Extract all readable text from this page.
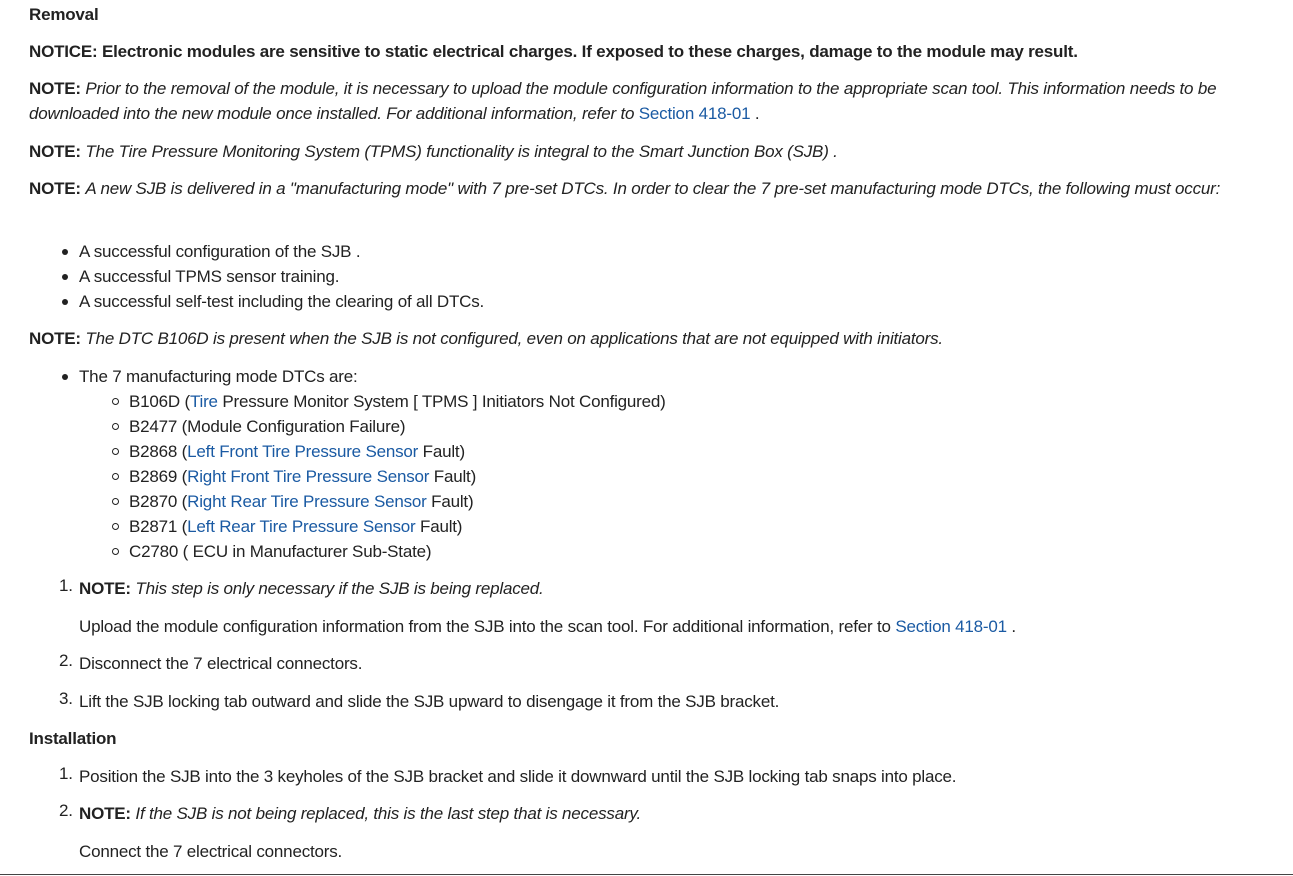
Removal

NOTICE: Electronic modules are sensitive to static electrical charges. If exposed to these charges, damage to the module may result.

NOTE: Prior to the removal of the module, it is necessary to upload the module configuration information to the appropriate scan tool. This information needs to be downloaded into the new module once installed. For additional information, refer to Section 418-01 .

NOTE: The Tire Pressure Monitoring System (TPMS) functionality is integral to the Smart Junction Box (SJB) .

NOTE: A new SJB is delivered in a "manufacturing mode" with 7 pre-set DTCs. In order to clear the 7 pre-set manufacturing mode DTCs, the following must occur:

A successful configuration of the SJB .
A successful TPMS sensor training.
A successful self-test including the clearing of all DTCs.

NOTE: The DTC B106D is present when the SJB is not configured, even on applications that are not equipped with initiators.

The 7 manufacturing mode DTCs are:
B106D (Tire Pressure Monitor System [ TPMS ] Initiators Not Configured)
B2477 (Module Configuration Failure)
B2868 (Left Front Tire Pressure Sensor Fault)
B2869 (Right Front Tire Pressure Sensor Fault)
B2870 (Right Rear Tire Pressure Sensor Fault)
B2871 (Left Rear Tire Pressure Sensor Fault)
C2780 ( ECU in Manufacturer Sub-State)
1. NOTE: This step is only necessary if the SJB is being replaced.

Upload the module configuration information from the SJB into the scan tool. For additional information, refer to Section 418-01 .

2. Disconnect the 7 electrical connectors.

3. Lift the SJB locking tab outward and slide the SJB upward to disengage it from the SJB bracket.

Installation

1. Position the SJB into the 3 keyholes of the SJB bracket and slide it downward until the SJB locking tab snaps into place.

2. NOTE: If the SJB is not being replaced, this is the last step that is necessary.

Connect the 7 electrical connectors.
